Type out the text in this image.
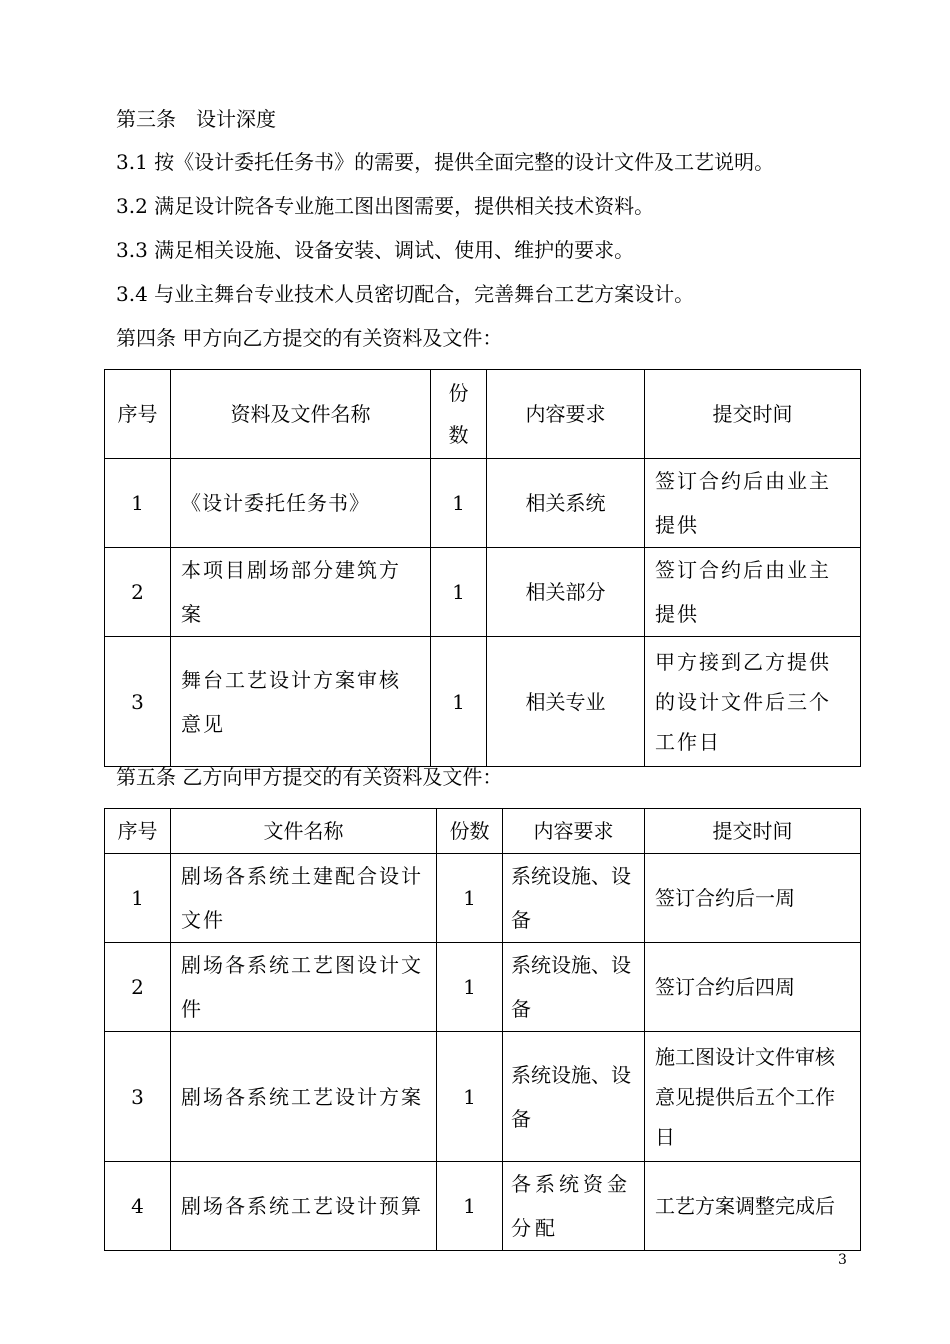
第三条　设计深度
3.1 按《设计委托任务书》的需要，提供全面完整的设计文件及工艺说明。
3.2 满足设计院各专业施工图出图需要，提供相关技术资料。
3.3 满足相关设施、设备安装、调试、使用、维护的要求。
3.4 与业主舞台专业技术人员密切配合，完善舞台工艺方案设计。
第四条 甲方向乙方提交的有关资料及文件：
序号	资料及文件名称	份数	内容要求	提交时间
1	《设计委托任务书》	1	相关系统	签订合约后由业主提供
2	本项目剧场部分建筑方案	1	相关部分	签订合约后由业主提供
3	舞台工艺设计方案审核意见	1	相关专业	甲方接到乙方提供的设计文件后三个工作日
第五条 乙方向甲方提交的有关资料及文件：
序号	文件名称	份数	内容要求	提交时间
1	剧场各系统土建配合设计文件	1	系统设施、设备	签订合约后一周
2	剧场各系统工艺图设计文件	1	系统设施、设备	签订合约后四周
3	剧场各系统工艺设计方案	1	系统设施、设备	施工图设计文件审核意见提供后五个工作日
4	剧场各系统工艺设计预算	1	各系统资金分配	工艺方案调整完成后
3
